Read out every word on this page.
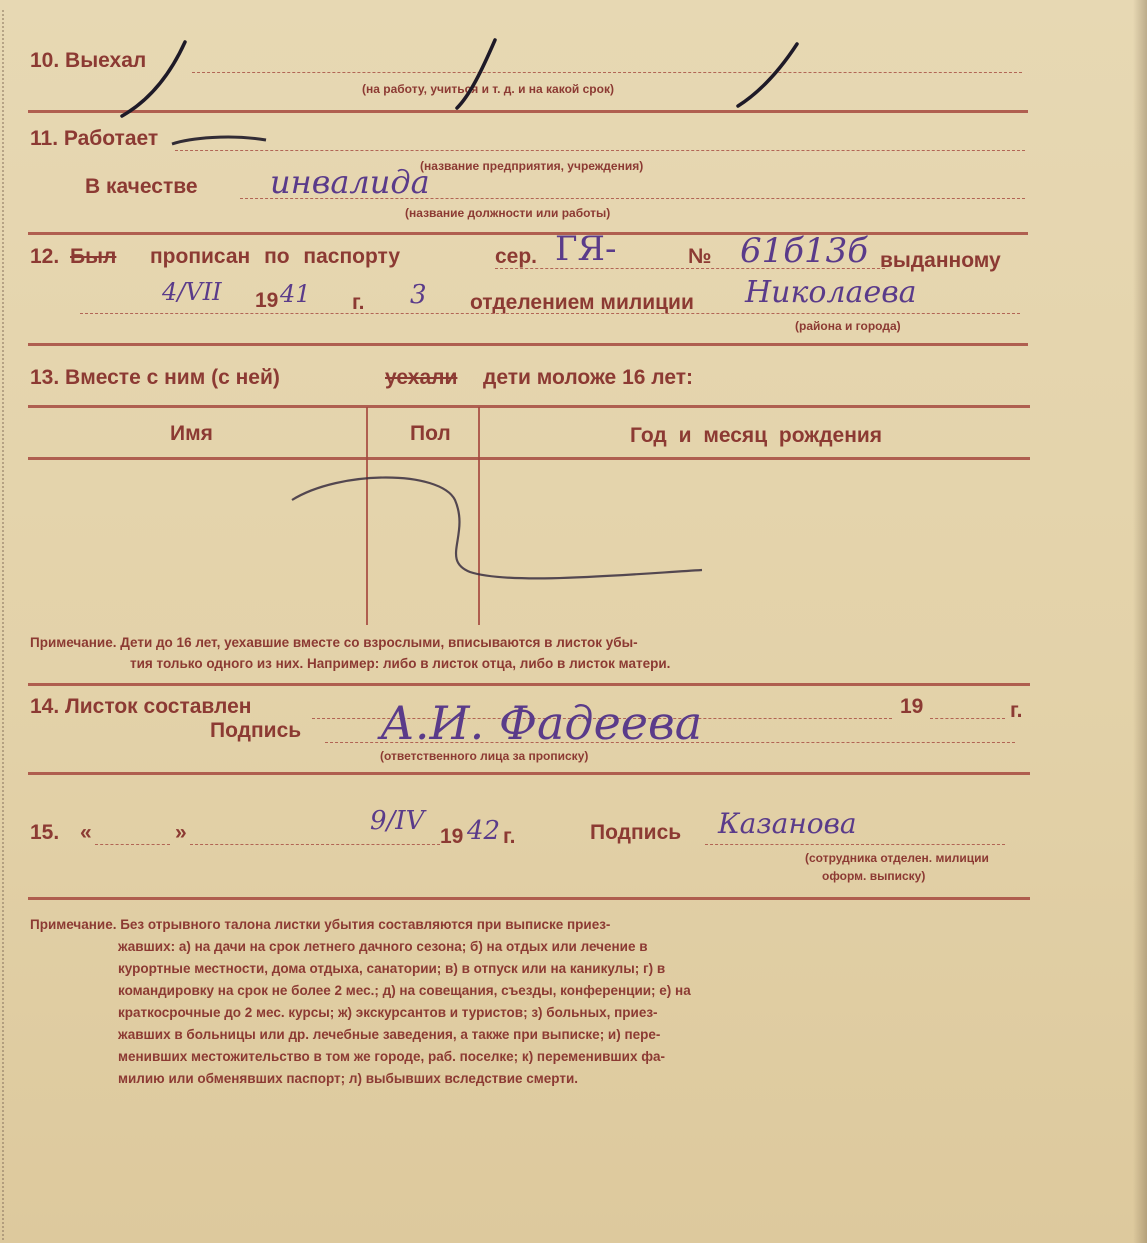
10. Выехал
(на работу, учиться и т. д. и на какой срок)
11. Работает
(название предприятия, учреждения)
В качестве инвалида
(название должности или работы)
12. Был прописан по паспорту	сер. ГЯ-	№ 61б13б выданному
4/VII 19 41 г. 3 отделением милиции Николаева
(района и города)
13. Вместе с ним (с ней)	уехали дети моложе 16 лет:
Имя	Пол	Год и месяц рождения
Примечание. Дети до 16 лет, уехавшие вместе со взрослыми, вписываются в листок убы-
тия только одного из них. Например: либо в листок отца, либо в листок матери.
14. Листок составлен	19	г.
Подпись А.И. Фадеева
(ответственного лица за прописку)
15. «	»	9/IV
19 42 г.	Подпись Казанова
(сотрудника отделен. милиции
оформ. выписку)
Примечание. Без отрывного талона листки убытия составляются при выписке приез-
жавших: а) на дачи на срок летнего дачного сезона; б) на отдых или лечение в
курортные местности, дома отдыха, санатории; в) в отпуск или на каникулы; г) в
командировку на срок не более 2 мес.; д) на совещания, съезды, конференции; е) на
краткосрочные до 2 мес. курсы; ж) экскурсантов и туристов; з) больных, приез-
жавших в больницы или др. лечебные заведения, а также при выписке; и) пере-
менивших местожительство в том же городе, раб. поселке; к) переменивших фа-
милию или обменявших паспорт; л) выбывших вследствие смерти.
